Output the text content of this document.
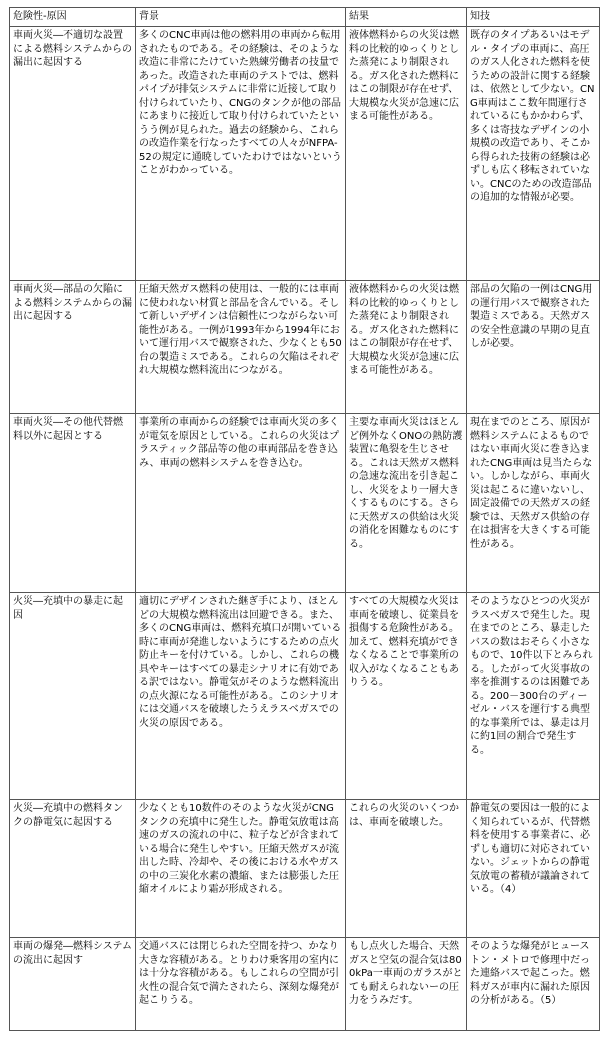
危険性-原因	背景	結果	知技
車両火災―不適切な設置による燃料システムからの漏出に起因する	多くのCNC車両は他の燃料用の車両から転用されたものである。その経験は、そのような改造に非常にたけていた熟練労働者の技量であった。改造された車両のテストでは、燃料パイプが排気システムに非常に近接して取り付けられていたり、CNGのタンクが他の部品にあまりに接近して取り付けられていたというう例が見られた。過去の経験から、これらの改造作業を行なったすべての人々がNFPA-52の規定に通暁していたわけではないということがわかっている。	液体燃料からの火災は燃料の比較的ゆっくりとした蒸発により制限される。ガス化された燃料にはこの制限が存在せず、大規模な火災が急速に広まる可能性がある。	既存のタイプあるいはモデル・タイプの車両に、高圧のガス人化された燃料を使うための設計に関する経験は、依然として少ない。CNG車両はここ数年間運行されているにもかかわらず、多くは寄技なデザインの小規模の改造であり、そこから得られた技術の経験は必ずしも広く移転されていない。CNCのための改造部品の追加的な情報が必要。
車両火災―部品の欠陥による燃料システムからの漏出に起因する	圧縮天然ガス燃料の使用は、一般的には車両に使われない材質と部品を含んでいる。そして新しいデザインは信頼性につながらない可能性がある。一例が1993年から1994年において運行用バスで観察された、少なくとも50台の製造ミスである。これらの欠陥はそれぞれ大規模な燃料流出につながる。	液体燃料からの火災は燃料の比較的ゆっくりとした蒸発により制限される。ガス化された燃料にはこの制限が存在せず、大規模な火災が急速に広まる可能性がある。	部品の欠陥の一例はCNG用の運行用バスで観察された製造ミスである。天然ガスの安全性意識の早期の見直しが必要。
車両火災―その他代替燃料以外に起因とする	事業所の車両からの経験では車両火災の多くが電気を原因としている。これらの火災はプラスティック部品等の他の車両部品を巻き込み、車両の燃料システムを巻き込む。	主要な車両火災はほとんど例外なくONOの熱防護装置に亀裂を生じさせる。これは天然ガス燃料の急速な流出を引き起こし、火災をより一層大きくするものにする。さらに天然ガスの供給は火災の消化を困難なものにする。	現在までのところ、原因が燃料システムによるものではない車両火災に巻き込まれたCNG車両は見当たらない。しかしながら、車両火災は起こるに違いないし、固定設備での天然ガスの経験では、天然ガス供給の存在は損害を大きくする可能性がある。
火災―充填中の暴走に起因	適切にデザインされた継ぎ手により、ほとんどの大規模な燃料流出は回避できる。また、多くのCNG車両は、燃料充填口が開いている時に車両が発進しないようにするための点火防止キーを付けている。しかし、これらの機具やキーはすべての暴走シナリオに有効である訳ではない。静電気がそのような燃料流出の点火源になる可能性がある。このシナリオには交通バスを破壊したうえラスベガスでの火災の原因である。	すべての大規模な火災は車両を破壊し、従業員を損傷する危険性がある。加えて、燃料充填ができなくなることで事業所の収入がなくなることもありうる。	そのようなひとつの火災がラスベガスで発生した。現在までのところ、暴走したバスの数はおそらく小さなもので、10件以下とみられる。したがって火災事故の率を推測するのは困難である。200－300台のディーゼル・バスを運行する典型的な事業所では、暴走は月に約1回の割合で発生する。
火災―充填中の燃料タンクの静電気に起因する	少なくとも10数件のそのような火災がCNGタンクの充填中に発生した。静電気放電は高速のガスの流れの中に、粒子などが含まれている場合に発生しやすい。圧縮天然ガスが流出した時、冷却や、その後における水やガスの中の三炭化水素の濃縮、または膨張した圧縮オイルにより霜が形成される。	これらの火災のいくつかは、車両を破壊した。	静電気の要因は一般的によく知られているが、代替燃料を使用する事業者に、必ずしも適切に対応されていない。ジェットからの静電気放電の蓄積が議論されている。（4）
車両の爆発―燃料システムの流出に起因す	交通バスには閉じられた空間を持つ、かなり大きな容積がある。とりわけ乗客用の室内には十分な容積がある。もしこれらの空間が引火性の混合気で満たされたら、深刻な爆発が起こりうる。	もし点火した場合、天然ガスと空気の混合気は800kPa一車両のガラスがとても耐えられないーの圧力をうみだす。	そのような爆発がヒューストン・メトロで修理中だった連絡バスで起こった。燃料ガスが車内に漏れた原因の分析がある。（5）
